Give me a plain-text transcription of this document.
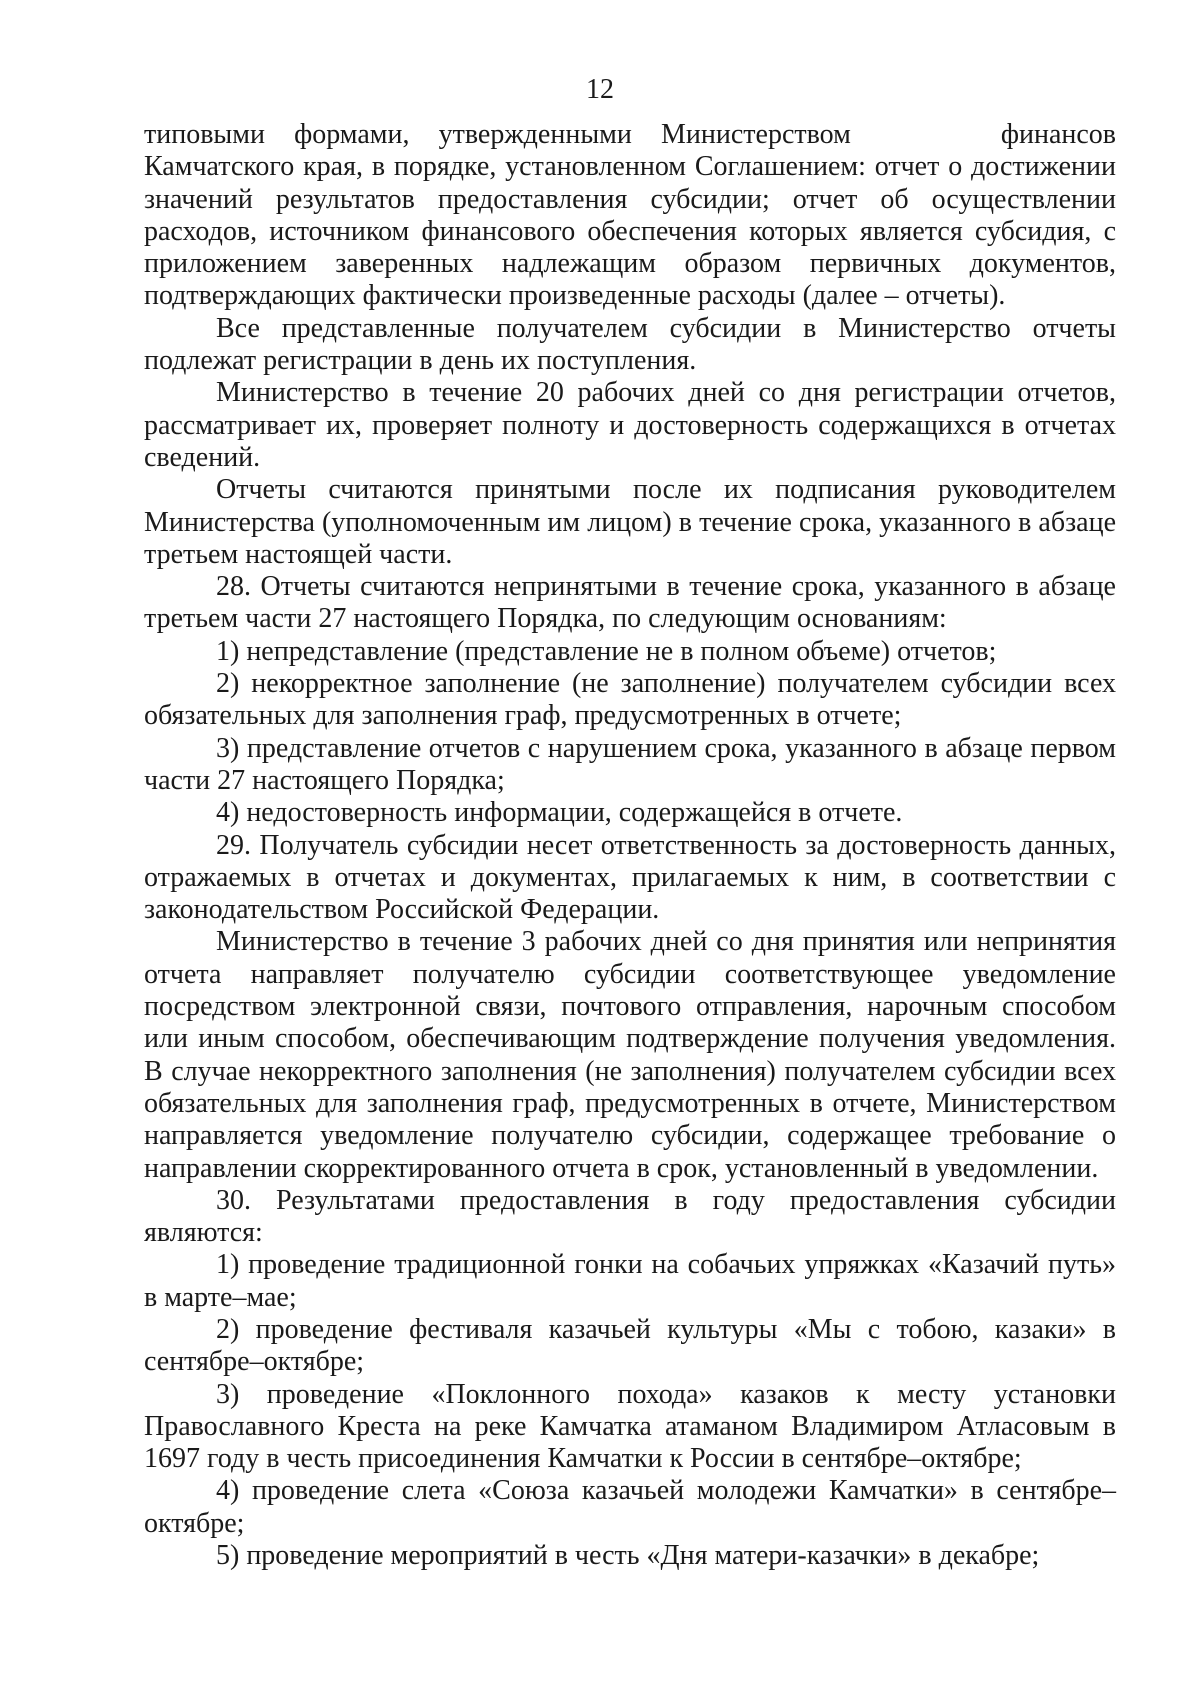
12

типовыми формами, утвержденными Министерством	финансов Камчатского края, в порядке, установленном Соглашением: отчет о достижении значений результатов предоставления субсидии; отчет об осуществлении расходов, источником финансового обеспечения которых является субсидия, с приложением заверенных надлежащим образом первичных документов, подтверждающих фактически произведенные расходы (далее – отчеты).

Все представленные получателем субсидии в Министерство отчеты подлежат регистрации в день их поступления.

Министерство в течение 20 рабочих дней со дня регистрации отчетов, рассматривает их, проверяет полноту и достоверность содержащихся в отчетах сведений.

Отчеты считаются принятыми после их подписания руководителем Министерства (уполномоченным им лицом) в течение срока, указанного в абзаце третьем настоящей части.

28. Отчеты считаются непринятыми в течение срока, указанного в абзаце третьем части 27 настоящего Порядка, по следующим основаниям:

1) непредставление (представление не в полном объеме) отчетов;

2) некорректное заполнение (не заполнение) получателем субсидии всех обязательных для заполнения граф, предусмотренных в отчете;

3) представление отчетов с нарушением срока, указанного в абзаце первом части 27 настоящего Порядка;

4) недостоверность информации, содержащейся в отчете.

29. Получатель субсидии несет ответственность за достоверность данных, отражаемых в отчетах и документах, прилагаемых к ним, в соответствии с законодательством Российской Федерации.

Министерство в течение 3 рабочих дней со дня принятия или непринятия отчета направляет получателю субсидии соответствующее уведомление посредством электронной связи, почтового отправления, нарочным способом или иным способом, обеспечивающим подтверждение получения уведомления. В случае некорректного заполнения (не заполнения) получателем субсидии всех обязательных для заполнения граф, предусмотренных в отчете, Министерством направляется уведомление получателю субсидии, содержащее требование о направлении скорректированного отчета в срок, установленный в уведомлении.

30. Результатами предоставления в году предоставления субсидии являются:

1) проведение традиционной гонки на собачьих упряжках «Казачий путь» в марте–мае;

2) проведение фестиваля казачьей культуры «Мы с тобою, казаки» в сентябре–октябре;

3) проведение «Поклонного похода» казаков к месту установки Православного Креста на реке Камчатка атаманом Владимиром Атласовым в 1697 году в честь присоединения Камчатки к России в сентябре–октябре;

4) проведение слета «Союза казачьей молодежи Камчатки» в сентябре–октябре;

5) проведение мероприятий в честь «Дня матери-казачки» в декабре;
